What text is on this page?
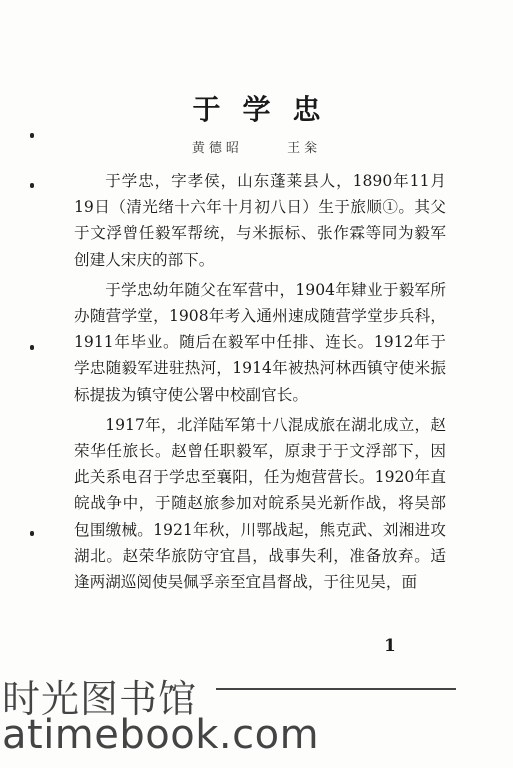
于学忠
黄德昭	王枀

于学忠，字孝侯，山东蓬莱县人，1890年11月19日（清光绪十六年十月初八日）生于旅顺①。其父于文浮曾任毅军帮统，与米振标、张作霖等同为毅军创建人宋庆的部下。

于学忠幼年随父在军营中，1904年肄业于毅军所办随营学堂，1908年考入通州速成随营学堂步兵科，1911年毕业。随后在毅军中任排、连长。1912年于学忠随毅军进驻热河，1914年被热河林西镇守使米振标提拔为镇守使公署中校副官长。

1917年，北洋陆军第十八混成旅在湖北成立，赵荣华任旅长。赵曾任职毅军，原隶于于文浮部下，因此关系电召于学忠至襄阳，任为炮营营长。1920年直皖战争中，于随赵旅参加对皖系吴光新作战，将吴部包围缴械。1921年秋，川鄂战起，熊克武、刘湘进攻湖北。赵荣华旅防守宜昌，战事失利，准备放弃。适逢两湖巡阅使吴佩孚亲至宜昌督战，于往见吴，面

1
时光图书馆
atimebook.com
